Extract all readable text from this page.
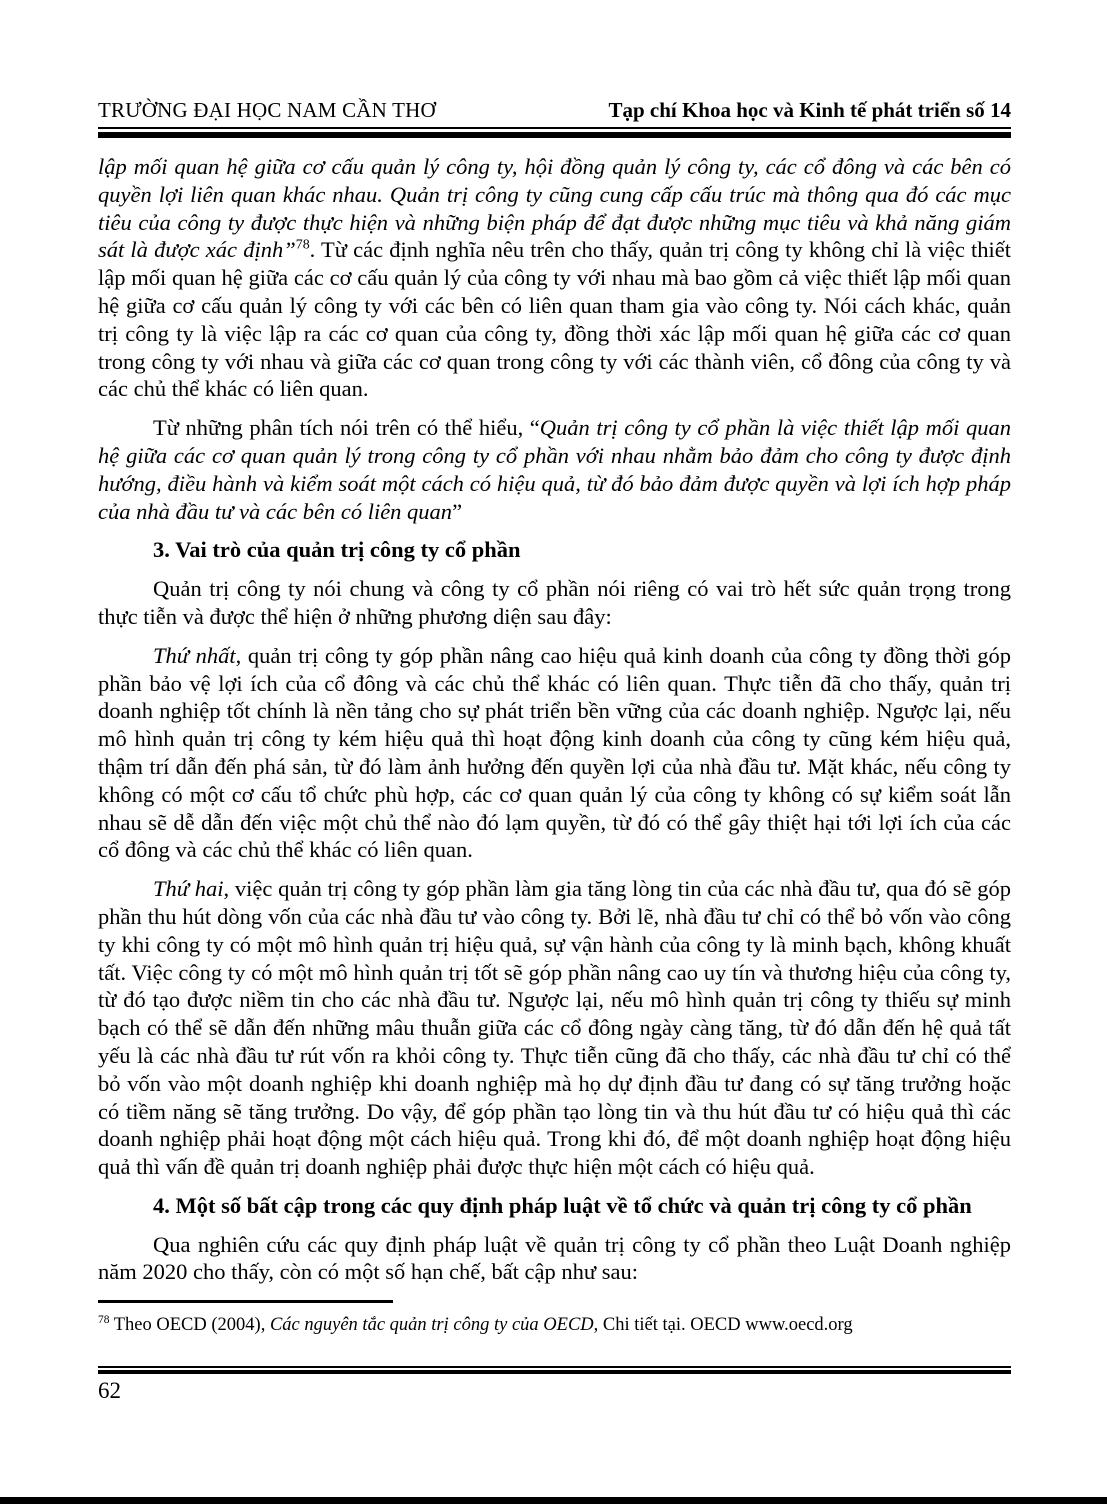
TRƯỜNG ĐẠI HỌC NAM CẦN THƠ	Tạp chí Khoa học và Kinh tế phát triển số 14

lập mối quan hệ giữa cơ cấu quản lý công ty, hội đồng quản lý công ty, các cổ đông và các bên có quyền lợi liên quan khác nhau. Quản trị công ty cũng cung cấp cấu trúc mà thông qua đó các mục tiêu của công ty được thực hiện và những biện pháp để đạt được những mục tiêu và khả năng giám sát là được xác định”$^{78}$. Từ các định nghĩa nêu trên cho thấy, quản trị công ty không chỉ là việc thiết lập mối quan hệ giữa các cơ cấu quản lý của công ty với nhau mà bao gồm cả việc thiết lập mối quan hệ giữa cơ cấu quản lý công ty với các bên có liên quan tham gia vào công ty. Nói cách khác, quản trị công ty là việc lập ra các cơ quan của công ty, đồng thời xác lập mối quan hệ giữa các cơ quan trong công ty với nhau và giữa các cơ quan trong công ty với các thành viên, cổ đông của công ty và các chủ thể khác có liên quan.

Từ những phân tích nói trên có thể hiểu, “Quản trị công ty cổ phần là việc thiết lập mối quan hệ giữa các cơ quan quản lý trong công ty cổ phần với nhau nhằm bảo đảm cho công ty được định hướng, điều hành và kiểm soát một cách có hiệu quả, từ đó bảo đảm được quyền và lợi ích hợp pháp của nhà đầu tư và các bên có liên quan”

3. Vai trò của quản trị công ty cổ phần

Quản trị công ty nói chung và công ty cổ phần nói riêng có vai trò hết sức quản trọng trong thực tiễn và được thể hiện ở những phương diện sau đây:

Thứ nhất, quản trị công ty góp phần nâng cao hiệu quả kinh doanh của công ty đồng thời góp phần bảo vệ lợi ích của cổ đông và các chủ thể khác có liên quan. Thực tiễn đã cho thấy, quản trị doanh nghiệp tốt chính là nền tảng cho sự phát triển bền vững của các doanh nghiệp. Ngược lại, nếu mô hình quản trị công ty kém hiệu quả thì hoạt động kinh doanh của công ty cũng kém hiệu quả, thậm trí dẫn đến phá sản, từ đó làm ảnh hưởng đến quyền lợi của nhà đầu tư. Mặt khác, nếu công ty không có một cơ cấu tổ chức phù hợp, các cơ quan quản lý của công ty không có sự kiểm soát lẫn nhau sẽ dễ dẫn đến việc một chủ thể nào đó lạm quyền, từ đó có thể gây thiệt hại tới lợi ích của các cổ đông và các chủ thể khác có liên quan.

Thứ hai, việc quản trị công ty góp phần làm gia tăng lòng tin của các nhà đầu tư, qua đó sẽ góp phần thu hút dòng vốn của các nhà đầu tư vào công ty. Bởi lẽ, nhà đầu tư chỉ có thể bỏ vốn vào công ty khi công ty có một mô hình quản trị hiệu quả, sự vận hành của công ty là minh bạch, không khuất tất. Việc công ty có một mô hình quản trị tốt sẽ góp phần nâng cao uy tín và thương hiệu của công ty, từ đó tạo được niềm tin cho các nhà đầu tư. Ngược lại, nếu mô hình quản trị công ty thiếu sự minh bạch có thể sẽ dẫn đến những mâu thuẫn giữa các cổ đông ngày càng tăng, từ đó dẫn đến hệ quả tất yếu là các nhà đầu tư rút vốn ra khỏi công ty. Thực tiễn cũng đã cho thấy, các nhà đầu tư chỉ có thể bỏ vốn vào một doanh nghiệp khi doanh nghiệp mà họ dự định đầu tư đang có sự tăng trưởng hoặc có tiềm năng sẽ tăng trưởng. Do vậy, để góp phần tạo lòng tin và thu hút đầu tư có hiệu quả thì các doanh nghiệp phải hoạt động một cách hiệu quả. Trong khi đó, để một doanh nghiệp hoạt động hiệu quả thì vấn đề quản trị doanh nghiệp phải được thực hiện một cách có hiệu quả.

4. Một số bất cập trong các quy định pháp luật về tổ chức và quản trị công ty cổ phần

Qua nghiên cứu các quy định pháp luật về quản trị công ty cổ phần theo Luật Doanh nghiệp năm 2020 cho thấy, còn có một số hạn chế, bất cập như sau:

$^{78}$ Theo OECD (2004), Các nguyên tắc quản trị công ty của OECD, Chi tiết tại. OECD www.oecd.org

62
